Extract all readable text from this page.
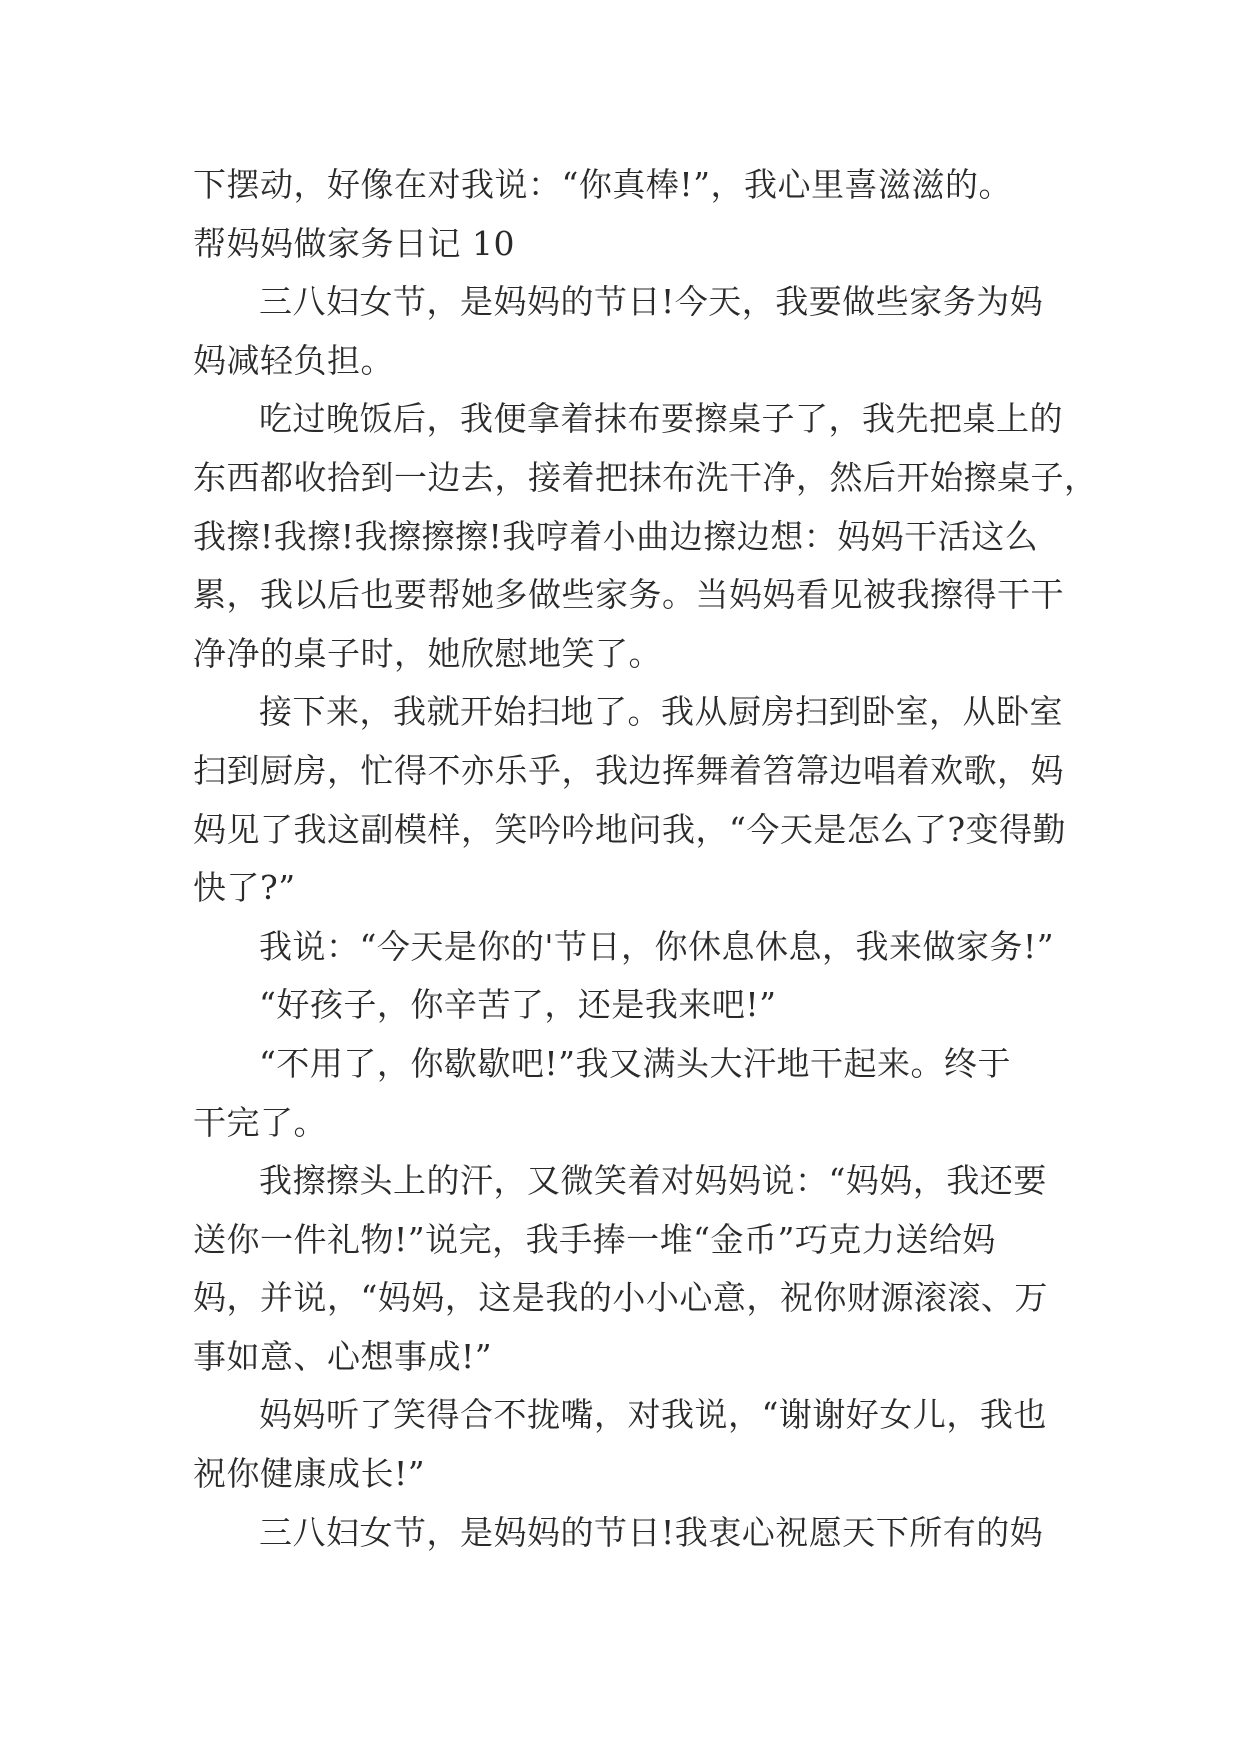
下摆动，好像在对我说：“你真棒!”，我心里喜滋滋的。
帮妈妈做家务日记 10
三八妇女节，是妈妈的节日!今天，我要做些家务为妈
妈减轻负担。
吃过晚饭后，我便拿着抹布要擦桌子了，我先把桌上的
东西都收拾到一边去，接着把抹布洗干净，然后开始擦桌子，
我擦!我擦!我擦擦擦!我哼着小曲边擦边想：妈妈干活这么
累，我以后也要帮她多做些家务。当妈妈看见被我擦得干干
净净的桌子时，她欣慰地笑了。
接下来，我就开始扫地了。我从厨房扫到卧室，从卧室
扫到厨房，忙得不亦乐乎，我边挥舞着笤箒边唱着欢歌，妈
妈见了我这副模样，笑吟吟地问我，“今天是怎么了?变得勤
快了?”
我说：“今天是你的'节日，你休息休息，我来做家务!”
“好孩子，你辛苦了，还是我来吧!”
“不用了，你歇歇吧!”我又满头大汗地干起来。终于
干完了。
我擦擦头上的汗，又微笑着对妈妈说：“妈妈，我还要
送你一件礼物!”说完，我手捧一堆“金币”巧克力送给妈
妈，并说，“妈妈，这是我的小小心意，祝你财源滚滚、万
事如意、心想事成!”
妈妈听了笑得合不拢嘴，对我说，“谢谢好女儿，我也
祝你健康成长!”
三八妇女节，是妈妈的节日!我衷心祝愿天下所有的妈
